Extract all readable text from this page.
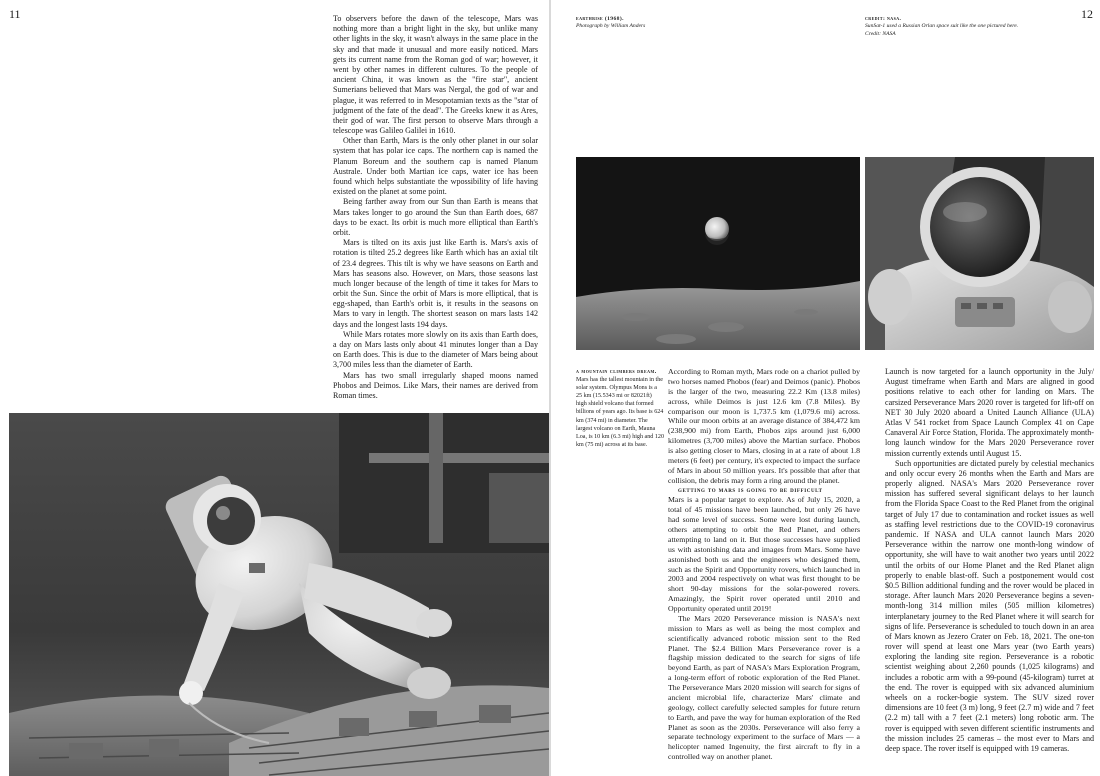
11	To observers before the dawn of the telescope, Mars was nothing more than a bright light in the sky, but unlike many other lights in the sky, it wasn't always in the same place in the sky and that made it unusual and more easily noticed. Mars gets its current name from the Roman god of war; however, it went by other names in different cultures. To the people of ancient China, it was known as the "fire star", ancient Sumerians believed that Mars was Nergal, the god of war and plague, it was referred to in Mesopotamian texts as the "star of judgment of the fate of the dead". The Greeks knew it as Ares, their god of war. The first person to observe Mars through a telescope was Galileo Galilei in 1610.

Other than Earth, Mars is the only other planet in our solar system that has polar ice caps. The northern cap is named the Planum Boreum and the southern cap is named Planum Australe. Under both Martian ice caps, water ice has been found which helps substantiate the wpossibility of life having existed on the planet at some point.

Being farther away from our Sun than Earth is means that Mars takes longer to go around the Sun than Earth does, 687 days to be exact. Its orbit is much more elliptical than Earth's orbit.

Mars is tilted on its axis just like Earth is. Mars's axis of rotation is tilted 25.2 degrees like Earth which has an axial tilt of 23.4 degrees. This tilt is why we have seasons on Earth and Mars has seasons also. However, on Mars, those seasons last much longer because of the length of time it takes for Mars to orbit the Sun. Since the orbit of Mars is more elliptical, that is egg-shaped, than Earth's orbit is, it results in the seasons on Mars to vary in length. The shortest season on mars lasts 142 days and the longest lasts 194 days.

While Mars rotates more slowly on its axis than Earth does, a day on Mars lasts only about 41 minutes longer than a Day on Earth does. This is due to the diameter of Mars being about 3,700 miles less than the diameter of Earth.

Mars has two small irregularly shaped moons named Phobos and Deimos. Like Mars, their names are derived from Roman times.

12
earthrise (1968).
Photograph by William Anders
credit: nasa.
SunSat-1 used a Russian Orlan space suit like the one pictured here. Credit: NASA
a mountain climbers dream. Mars has the tallest mountain in the solar system. Olympus Mons is a 25 km (15.5343 mi or 82021ft) high shield volcano that formed billions of years ago. Its base is 624 km (374 mi) in diameter. The largest volcano on Earth, Mauna Loa, is 10 km (6.3 mi) high and 120 km (75 mi) across at its base.

According to Roman myth, Mars rode on a chariot pulled by two horses named Phobos (fear) and Deimos (panic). Phobos is the larger of the two, measuring 22.2 Km (13.8 miles) across, while Deimos is just 12.6 km (7.8 Miles). By comparison our moon is 1,737.5 km (1,079.6 mi) across. While our moon orbits at an average distance of 384,472 km (238,900 mi) from Earth, Phobos zips around just 6,000 kilometres (3,700 miles) above the Martian surface. Phobos is also getting closer to Mars, closing in at a rate of about 1.8 meters (6 feet) per century, it's expected to impact the surface of Mars in about 50 million years. It's possible that after that collision, the debris may form a ring around the planet.

getting to mars is going to be difficult

Mars is a popular target to explore. As of July 15, 2020, a total of 45 missions have been launched, but only 26 have had some level of success. Some were lost during launch, others attempting to orbit the Red Planet, and others attempting to land on it. But those successes have supplied us with astonishing data and images from Mars. Some have astonished both us and the engineers who designed them, such as the Spirit and Opportunity rovers, which launched in 2003 and 2004 respectively on what was first thought to be short 90-day missions for the solar-powered rovers. Amazingly, the Spirit rover operated until 2010 and Opportunity operated until 2019!

The Mars 2020 Perseverance mission is NASA's next mission to Mars as well as being the most complex and scientifically advanced robotic mission sent to the Red Planet. The $2.4 Billion Mars Perseverance rover is a flagship mission dedicated to the search for signs of life beyond Earth, as part of NASA's Mars Exploration Program, a long-term effort of robotic exploration of the Red Planet. The Perseverance Mars 2020 mission will search for signs of ancient microbial life, characterize Mars' climate and geology, collect carefully selected samples for future return to Earth, and pave the way for human exploration of the Red Planet as soon as the 2030s. Perseverance will also ferry a separate technology experiment to the surface of Mars — a helicopter named Ingenuity, the first aircraft to fly in a controlled way on another planet.

Launch is now targeted for a launch opportunity in the July/ August timeframe when Earth and Mars are aligned in good positions relative to each other for landing on Mars. The carsized Perseverance Mars 2020 rover is targeted for lift-off on NET 30 July 2020 aboard a United Launch Alliance (ULA) Atlas V 541 rocket from Space Launch Complex 41 on Cape Canaveral Air Force Station, Florida. The approximately month-long launch window for the Mars 2020 Perseverance rover mission currently extends until August 15.

Such opportunities are dictated purely by celestial mechanics and only occur every 26 months when the Earth and Mars are properly aligned. NASA's Mars 2020 Perseverance rover mission has suffered several significant delays to her launch from the Florida Space Coast to the Red Planet from the original target of July 17 due to contamination and rocket issues as well as staffing level restrictions due to the COVID-19 coronavirus pandemic. If NASA and ULA cannot launch Mars 2020 Perseverance within the narrow one month-long window of opportunity, she will have to wait another two years until 2022 until the orbits of our Home Planet and the Red Planet align properly to enable blast-off. Such a postponement would cost $0.5 Billion additional funding and the rover would be placed in storage. After launch Mars 2020 Perseverance begins a seven-month-long 314 million miles (505 million kilometres) interplanetary journey to the Red Planet where it will search for signs of life. Perseverance is scheduled to touch down in an area of Mars known as Jezero Crater on Feb. 18, 2021. The one-ton rover will spend at least one Mars year (two Earth years) exploring the landing site region. Perseverance is a robotic scientist weighing about 2,260 pounds (1,025 kilograms) and includes a robotic arm with a 99-pound (45-kilogram) turret at the end. The rover is equipped with six advanced aluminium wheels on a rocker-bogie system. The SUV sized rover dimensions are 10 feet (3 m) long, 9 feet (2.7 m) wide and 7 feet (2.2 m) tall with a 7 feet (2.1 meters) long robotic arm. The rover is equipped with seven different scientific instruments and the mission includes 25 cameras – the most ever to Mars and deep space. The rover itself is equipped with 19 cameras.
